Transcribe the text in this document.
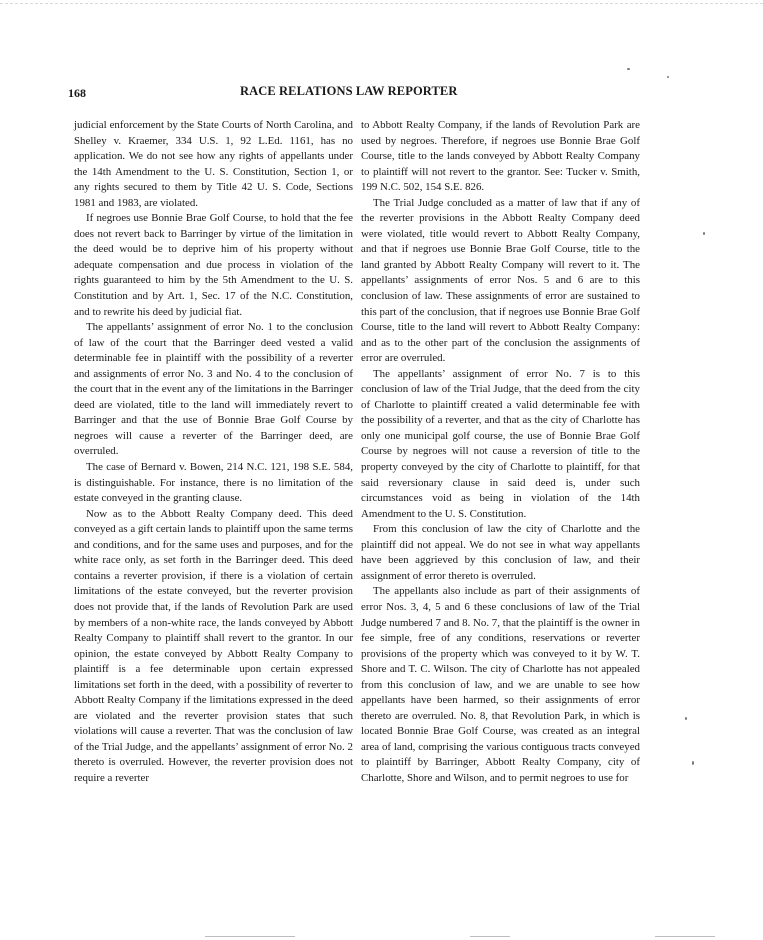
168	RACE RELATIONS LAW REPORTER

judicial enforcement by the State Courts of North Carolina, and Shelley v. Kraemer, 334 U.S. 1, 92 L.Ed. 1161, has no application. We do not see how any rights of appellants under the 14th Amendment to the U. S. Constitution, Section 1, or any rights secured to them by Title 42 U. S. Code, Sections 1981 and 1983, are violated.

If negroes use Bonnie Brae Golf Course, to hold that the fee does not revert back to Barringer by virtue of the limitation in the deed would be to deprive him of his property without adequate compensation and due process in violation of the rights guaranteed to him by the 5th Amendment to the U. S. Constitution and by Art. 1, Sec. 17 of the N.C. Constitution, and to rewrite his deed by judicial fiat.

The appellants’ assignment of error No. 1 to the conclusion of law of the court that the Barringer deed vested a valid determinable fee in plaintiff with the possibility of a reverter and assignments of error No. 3 and No. 4 to the conclusion of the court that in the event any of the limitations in the Barringer deed are violated, title to the land will immediately revert to Barringer and that the use of Bonnie Brae Golf Course by negroes will cause a reverter of the Barringer deed, are overruled.

The case of Bernard v. Bowen, 214 N.C. 121, 198 S.E. 584, is distinguishable. For instance, there is no limitation of the estate conveyed in the granting clause.

Now as to the Abbott Realty Company deed. This deed conveyed as a gift certain lands to plaintiff upon the same terms and conditions, and for the same uses and purposes, and for the white race only, as set forth in the Barringer deed. This deed contains a reverter provision, if there is a violation of certain limitations of the estate conveyed, but the reverter provision does not provide that, if the lands of Revolution Park are used by members of a non-white race, the lands conveyed by Abbott Realty Company to plaintiff shall revert to the grantor. In our opinion, the estate conveyed by Abbott Realty Company to plaintiff is a fee determinable upon certain expressed limitations set forth in the deed, with a possibility of reverter to Abbott Realty Company if the limitations expressed in the deed are violated and the reverter provision states that such violations will cause a reverter. That was the conclusion of law of the Trial Judge, and the appellants’ assignment of error No. 2 thereto is overruled. However, the reverter provision does not require a reverter

to Abbott Realty Company, if the lands of Revolution Park are used by negroes. Therefore, if negroes use Bonnie Brae Golf Course, title to the lands conveyed by Abbott Realty Company to plaintiff will not revert to the grantor. See: Tucker v. Smith, 199 N.C. 502, 154 S.E. 826.

The Trial Judge concluded as a matter of law that if any of the reverter provisions in the Abbott Realty Company deed were violated, title would revert to Abbott Realty Company, and that if negroes use Bonnie Brae Golf Course, title to the land granted by Abbott Realty Company will revert to it. The appellants’ assignments of error Nos. 5 and 6 are to this conclusion of law. These assignments of error are sustained to this part of the conclusion, that if negroes use Bonnie Brae Golf Course, title to the land will revert to Abbott Realty Company: and as to the other part of the conclusion the assignments of error are overruled.

The appellants’ assignment of error No. 7 is to this conclusion of law of the Trial Judge, that the deed from the city of Charlotte to plaintiff created a valid determinable fee with the possibility of a reverter, and that as the city of Charlotte has only one municipal golf course, the use of Bonnie Brae Golf Course by negroes will not cause a reversion of title to the property conveyed by the city of Charlotte to plaintiff, for that said reversionary clause in said deed is, under such circumstances void as being in violation of the 14th Amendment to the U. S. Constitution.

From this conclusion of law the city of Charlotte and the plaintiff did not appeal. We do not see in what way appellants have been aggrieved by this conclusion of law, and their assignment of error thereto is overruled.

The appellants also include as part of their assignments of error Nos. 3, 4, 5 and 6 these conclusions of law of the Trial Judge numbered 7 and 8. No. 7, that the plaintiff is the owner in fee simple, free of any conditions, reservations or reverter provisions of the property which was conveyed to it by W. T. Shore and T. C. Wilson. The city of Charlotte has not appealed from this conclusion of law, and we are unable to see how appellants have been harmed, so their assignments of error thereto are overruled. No. 8, that Revolution Park, in which is located Bonnie Brae Golf Course, was created as an integral area of land, comprising the various contiguous tracts conveyed to plaintiff by Barringer, Abbott Realty Company, city of Charlotte, Shore and Wilson, and to permit negroes to use for
